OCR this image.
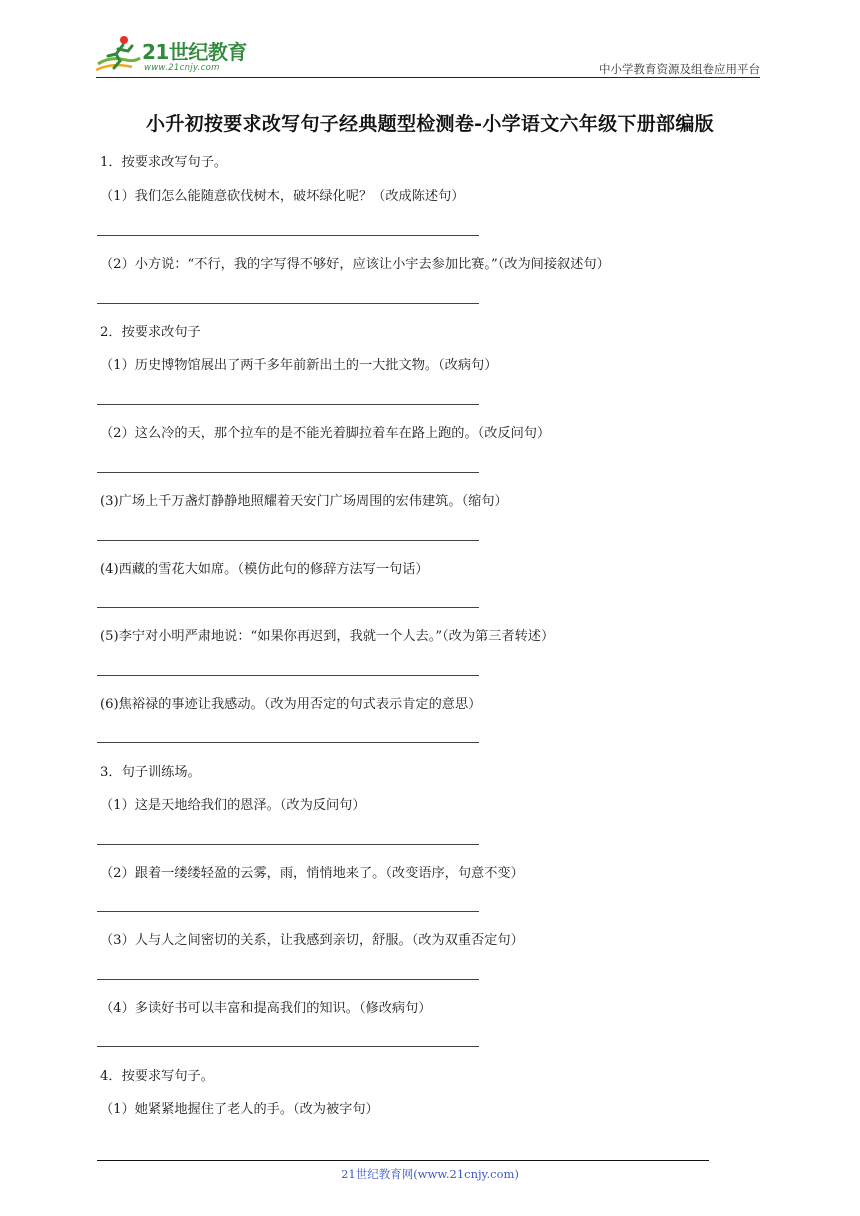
21世纪教育
www.21cnjy.com	中小学教育资源及组卷应用平台
小升初按要求改写句子经典题型检测卷-小学语文六年级下册部编版
1．按要求改写句子。
（1）我们怎么能随意砍伐树木，破坏绿化呢？（改成陈述句）
（2）小方说：“不行，我的字写得不够好，应该让小宇去参加比赛。”（改为间接叙述句）
2．按要求改句子
（1）历史博物馆展出了两千多年前新出土的一大批文物。（改病句）
（2）这么冷的天，那个拉车的是不能光着脚拉着车在路上跑的。（改反问句）
(3)广场上千万盏灯静静地照耀着天安门广场周围的宏伟建筑。（缩句）
(4)西藏的雪花大如席。（模仿此句的修辞方法写一句话）
(5)李宁对小明严肃地说：“如果你再迟到，我就一个人去。”（改为第三者转述）
(6)焦裕禄的事迹让我感动。（改为用否定的句式表示肯定的意思）
3．句子训练场。
（1）这是天地给我们的恩泽。（改为反问句）
（2）跟着一缕缕轻盈的云雾，雨，悄悄地来了。（改变语序，句意不变）
（3）人与人之间密切的关系，让我感到亲切，舒服。（改为双重否定句）
（4）多读好书可以丰富和提高我们的知识。（修改病句）
4．按要求写句子。
（1）她紧紧地握住了老人的手。（改为被字句）
21世纪教育网(www.21cnjy.com)
